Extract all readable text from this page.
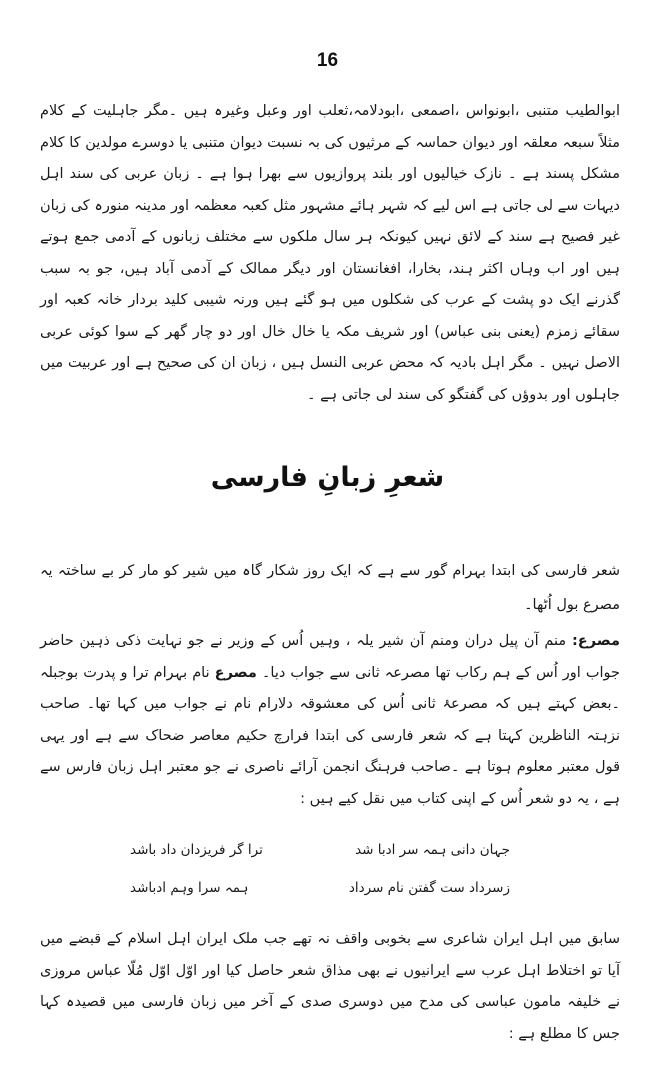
16
ابوالطیب متنبی ،ابونواس ،اصمعی ،ابودلامہ،ثعلب اور وعبل وغیرہ ہیں ۔مگر جاہلیت کے کلام مثلاً سبعہ معلقہ اور دیوان حماسہ کے مرثیوں کی بہ نسبت دیوان متنبی یا دوسرے مولدین کا کلام مشکل پسند ہے ۔ نازک خیالیوں اور بلند پروازیوں سے بھرا ہوا ہے ۔ زبان عربی کی سند اہل دیہات سے لی جاتی ہے اس لیے کہ شہر ہائے مشہور مثل کعبہ معظمہ اور مدینہ منورہ کی زبان غیر فصیح ہے سند کے لائق نہیں کیونکہ ہر سال ملکوں سے مختلف زبانوں کے آدمی جمع ہوتے ہیں اور اب وہاں اکثر ہند، بخارا، افغانستان اور دیگر ممالک کے آدمی آباد ہیں، جو بہ سبب گذرنے ایک دو پشت کے عرب کی شکلوں میں ہو گئے ہیں ورنہ شیبی کلید بردار خانہ کعبہ اور سقائے زمزم (یعنی بنی عباس) اور شریف مکہ یا خال خال اور دو چار گھر کے سوا کوئی عربی الاصل نہیں ۔ مگر اہل بادیہ کہ محض عربی النسل ہیں ، زبان ان کی صحیح ہے اور عربیت میں جاہلوں اور بدوؤں کی گفتگو کی سند لی جاتی ہے ۔
شعرِ زبانِ فارسی
شعر فارسی کی ابتدا بہرام گور سے ہے کہ ایک روز شکار گاہ میں شیر کو مار کر بے ساختہ یہ مصرع بول اُٹھا۔
مصرع: منم آن پیل دران ومنم آن شیر یلہ ، وہیں اُس کے وزیر نے جو نہایت ذکی ذہین حاضر جواب اور اُس کے ہم رکاب تھا مصرعہ ثانی سے جواب دیا۔ مصرع نام بہرام ترا و پدرت بوجبلہ ۔بعض کہتے ہیں کہ مصرعۂ ثانی اُس کی معشوقہ دلارام نام نے جواب میں کہا تھا۔ صاحب نزہتہ الناظرین کہتا ہے کہ شعر فارسی کی ابتدا فرارچ حکیم معاصر ضحاک سے ہے اور یہی قول معتبر معلوم ہوتا ہے ۔صاحب فرہنگ انجمن آرائے ناصری نے جو معتبر اہل زبان فارس سے ہے ، یہ دو شعر اُس کے اپنی کتاب میں نقل کیے ہیں :
جہان دانی ہمہ سر ادبا شد
ترا گر فریزدان داد باشد
زسرداد ست گفتن نام سرداد
ہمہ سرا وہم ادباشد
سابق میں اہل ایران شاعری سے بخوبی واقف نہ تھے جب ملک ایران اہل اسلام کے قبضے میں آیا تو اختلاط اہل عرب سے ایرانیوں نے بھی مذاق شعر حاصل کیا اور اوّل اوّل مُلّا عباس مروزی نے خلیفہ مامون عباسی کی مدح میں دوسری صدی کے آخر میں زبان فارسی میں قصیدہ کہا جس کا مطلع ہے :
